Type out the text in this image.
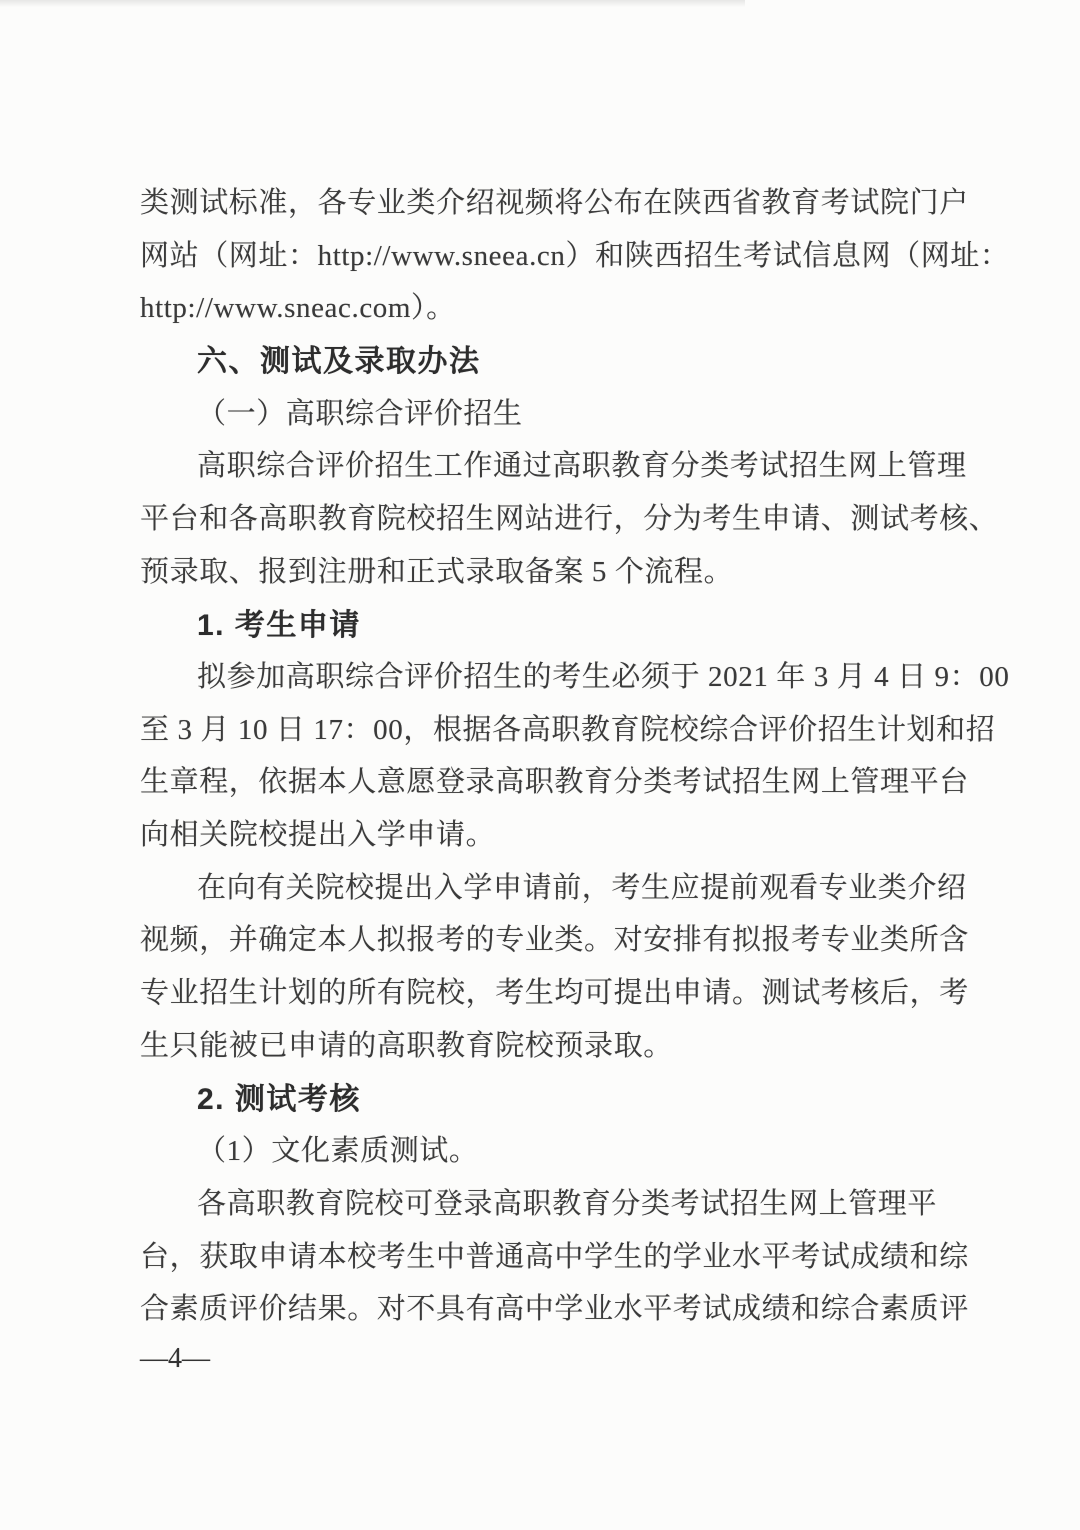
类测试标准，各专业类介绍视频将公布在陕西省教育考试院门户
网站（网址：http://www.sneea.cn）和陕西招生考试信息网（网址：
http://www.sneac.com）。
六、测试及录取办法
（一）高职综合评价招生
高职综合评价招生工作通过高职教育分类考试招生网上管理
平台和各高职教育院校招生网站进行，分为考生申请、测试考核、
预录取、报到注册和正式录取备案 5 个流程。
1. 考生申请
拟参加高职综合评价招生的考生必须于 2021 年 3 月 4 日 9：00
至 3 月 10 日 17：00，根据各高职教育院校综合评价招生计划和招
生章程，依据本人意愿登录高职教育分类考试招生网上管理平台
向相关院校提出入学申请。
在向有关院校提出入学申请前，考生应提前观看专业类介绍
视频，并确定本人拟报考的专业类。对安排有拟报考专业类所含
专业招生计划的所有院校，考生均可提出申请。测试考核后，考
生只能被已申请的高职教育院校预录取。
2. 测试考核
（1）文化素质测试。
各高职教育院校可登录高职教育分类考试招生网上管理平
台，获取申请本校考生中普通高中学生的学业水平考试成绩和综
合素质评价结果。对不具有高中学业水平考试成绩和综合素质评
—4—
